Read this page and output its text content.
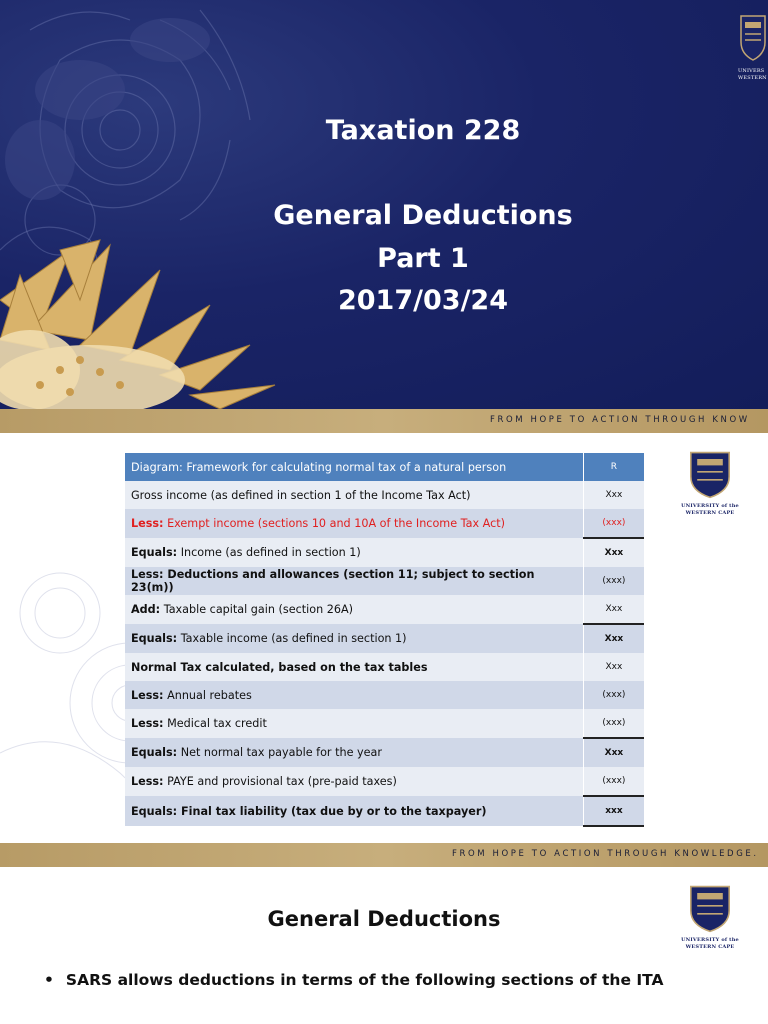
Taxation 228
General Deductions
Part 1
2017/03/24
UNIVERS
WESTERN
FROM HOPE TO ACTION THROUGH KNOW
Diagram: Framework for calculating normal tax of a natural person	R
Gross income (as defined in section 1 of the Income Tax Act)	Xxx
Less: Exempt income (sections 10 and 10A of the Income Tax Act)	(xxx)
Equals: Income (as defined in section 1)	Xxx
Less: Deductions and allowances (section 11; subject to section 23(m))	(xxx)
Add: Taxable capital gain (section 26A)	Xxx
Equals: Taxable income (as defined in section 1)	Xxx
Normal Tax calculated, based on the tax tables	Xxx
Less: Annual rebates	(xxx)
Less: Medical tax credit	(xxx)
Equals: Net normal tax payable for the year	Xxx
Less: PAYE and provisional tax (pre-paid taxes)	(xxx)
Equals: Final tax liability (tax due by or to the taxpayer)	xxx
UNIVERSITY of the
WESTERN CAPE
FROM HOPE TO ACTION THROUGH KNOWLEDGE.
General Deductions
• SARS allows deductions in terms of the following sections of the ITA
UNIVERSITY of the
WESTERN CAPE
